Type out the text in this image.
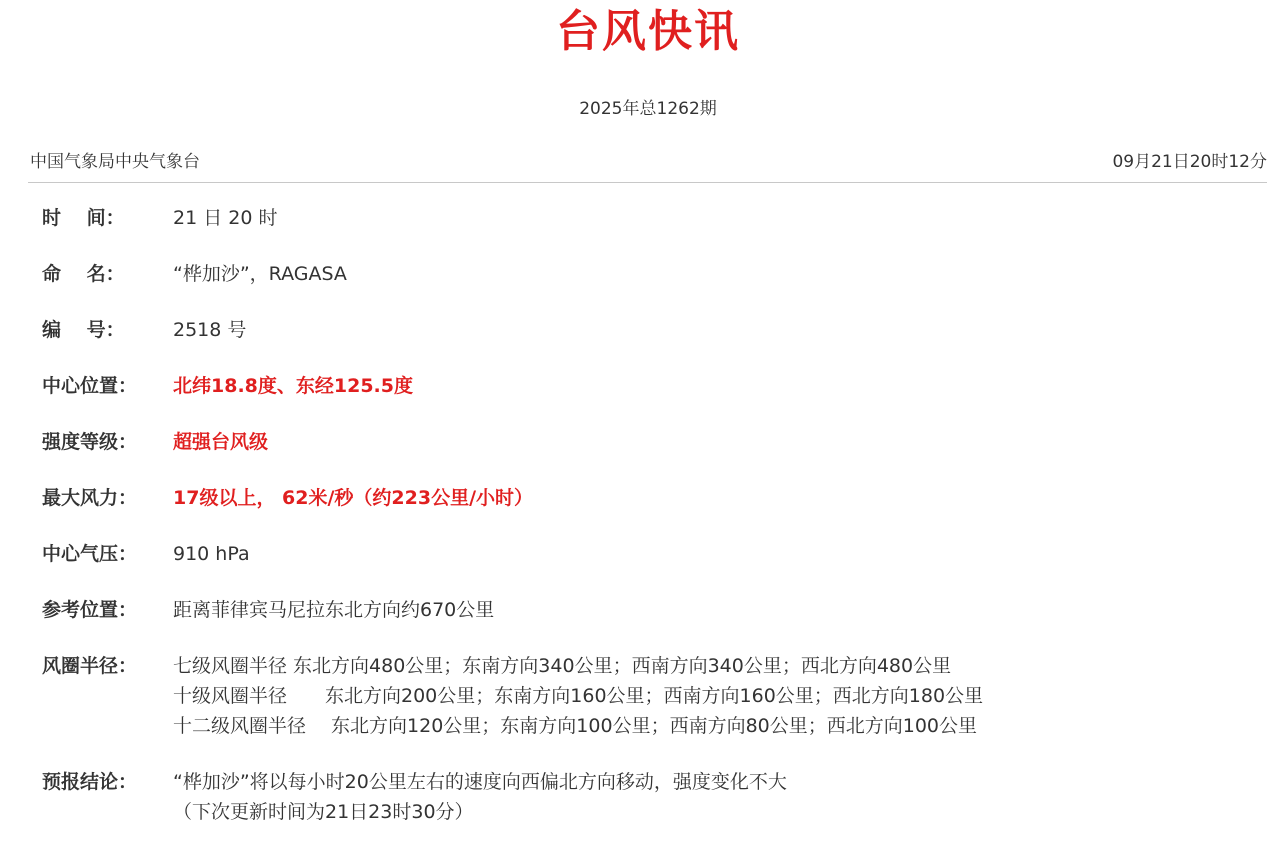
台风快讯
2025年总1262期
中国气象局中央气象台	09月21日20时12分
时　 间：	21 日 20 时
命　 名：	“桦加沙”，RAGASA
编　 号：	2518 号
中心位置：	北纬18.8度、东经125.5度
强度等级：	超强台风级
最大风力：	17级以上， 62米/秒（约223公里/小时）
中心气压：	910 hPa
参考位置：	距离菲律宾马尼拉东北方向约670公里
风圈半径：	七级风圈半径 东北方向480公里；东南方向340公里；西南方向340公里；西北方向480公里
十级风圈半径　　东北方向200公里；东南方向160公里；西南方向160公里；西北方向180公里
十二级风圈半径　 东北方向120公里；东南方向100公里；西南方向80公里；西北方向100公里
预报结论：	“桦加沙”将以每小时20公里左右的速度向西偏北方向移动，强度变化不大
（下次更新时间为21日23时30分）
